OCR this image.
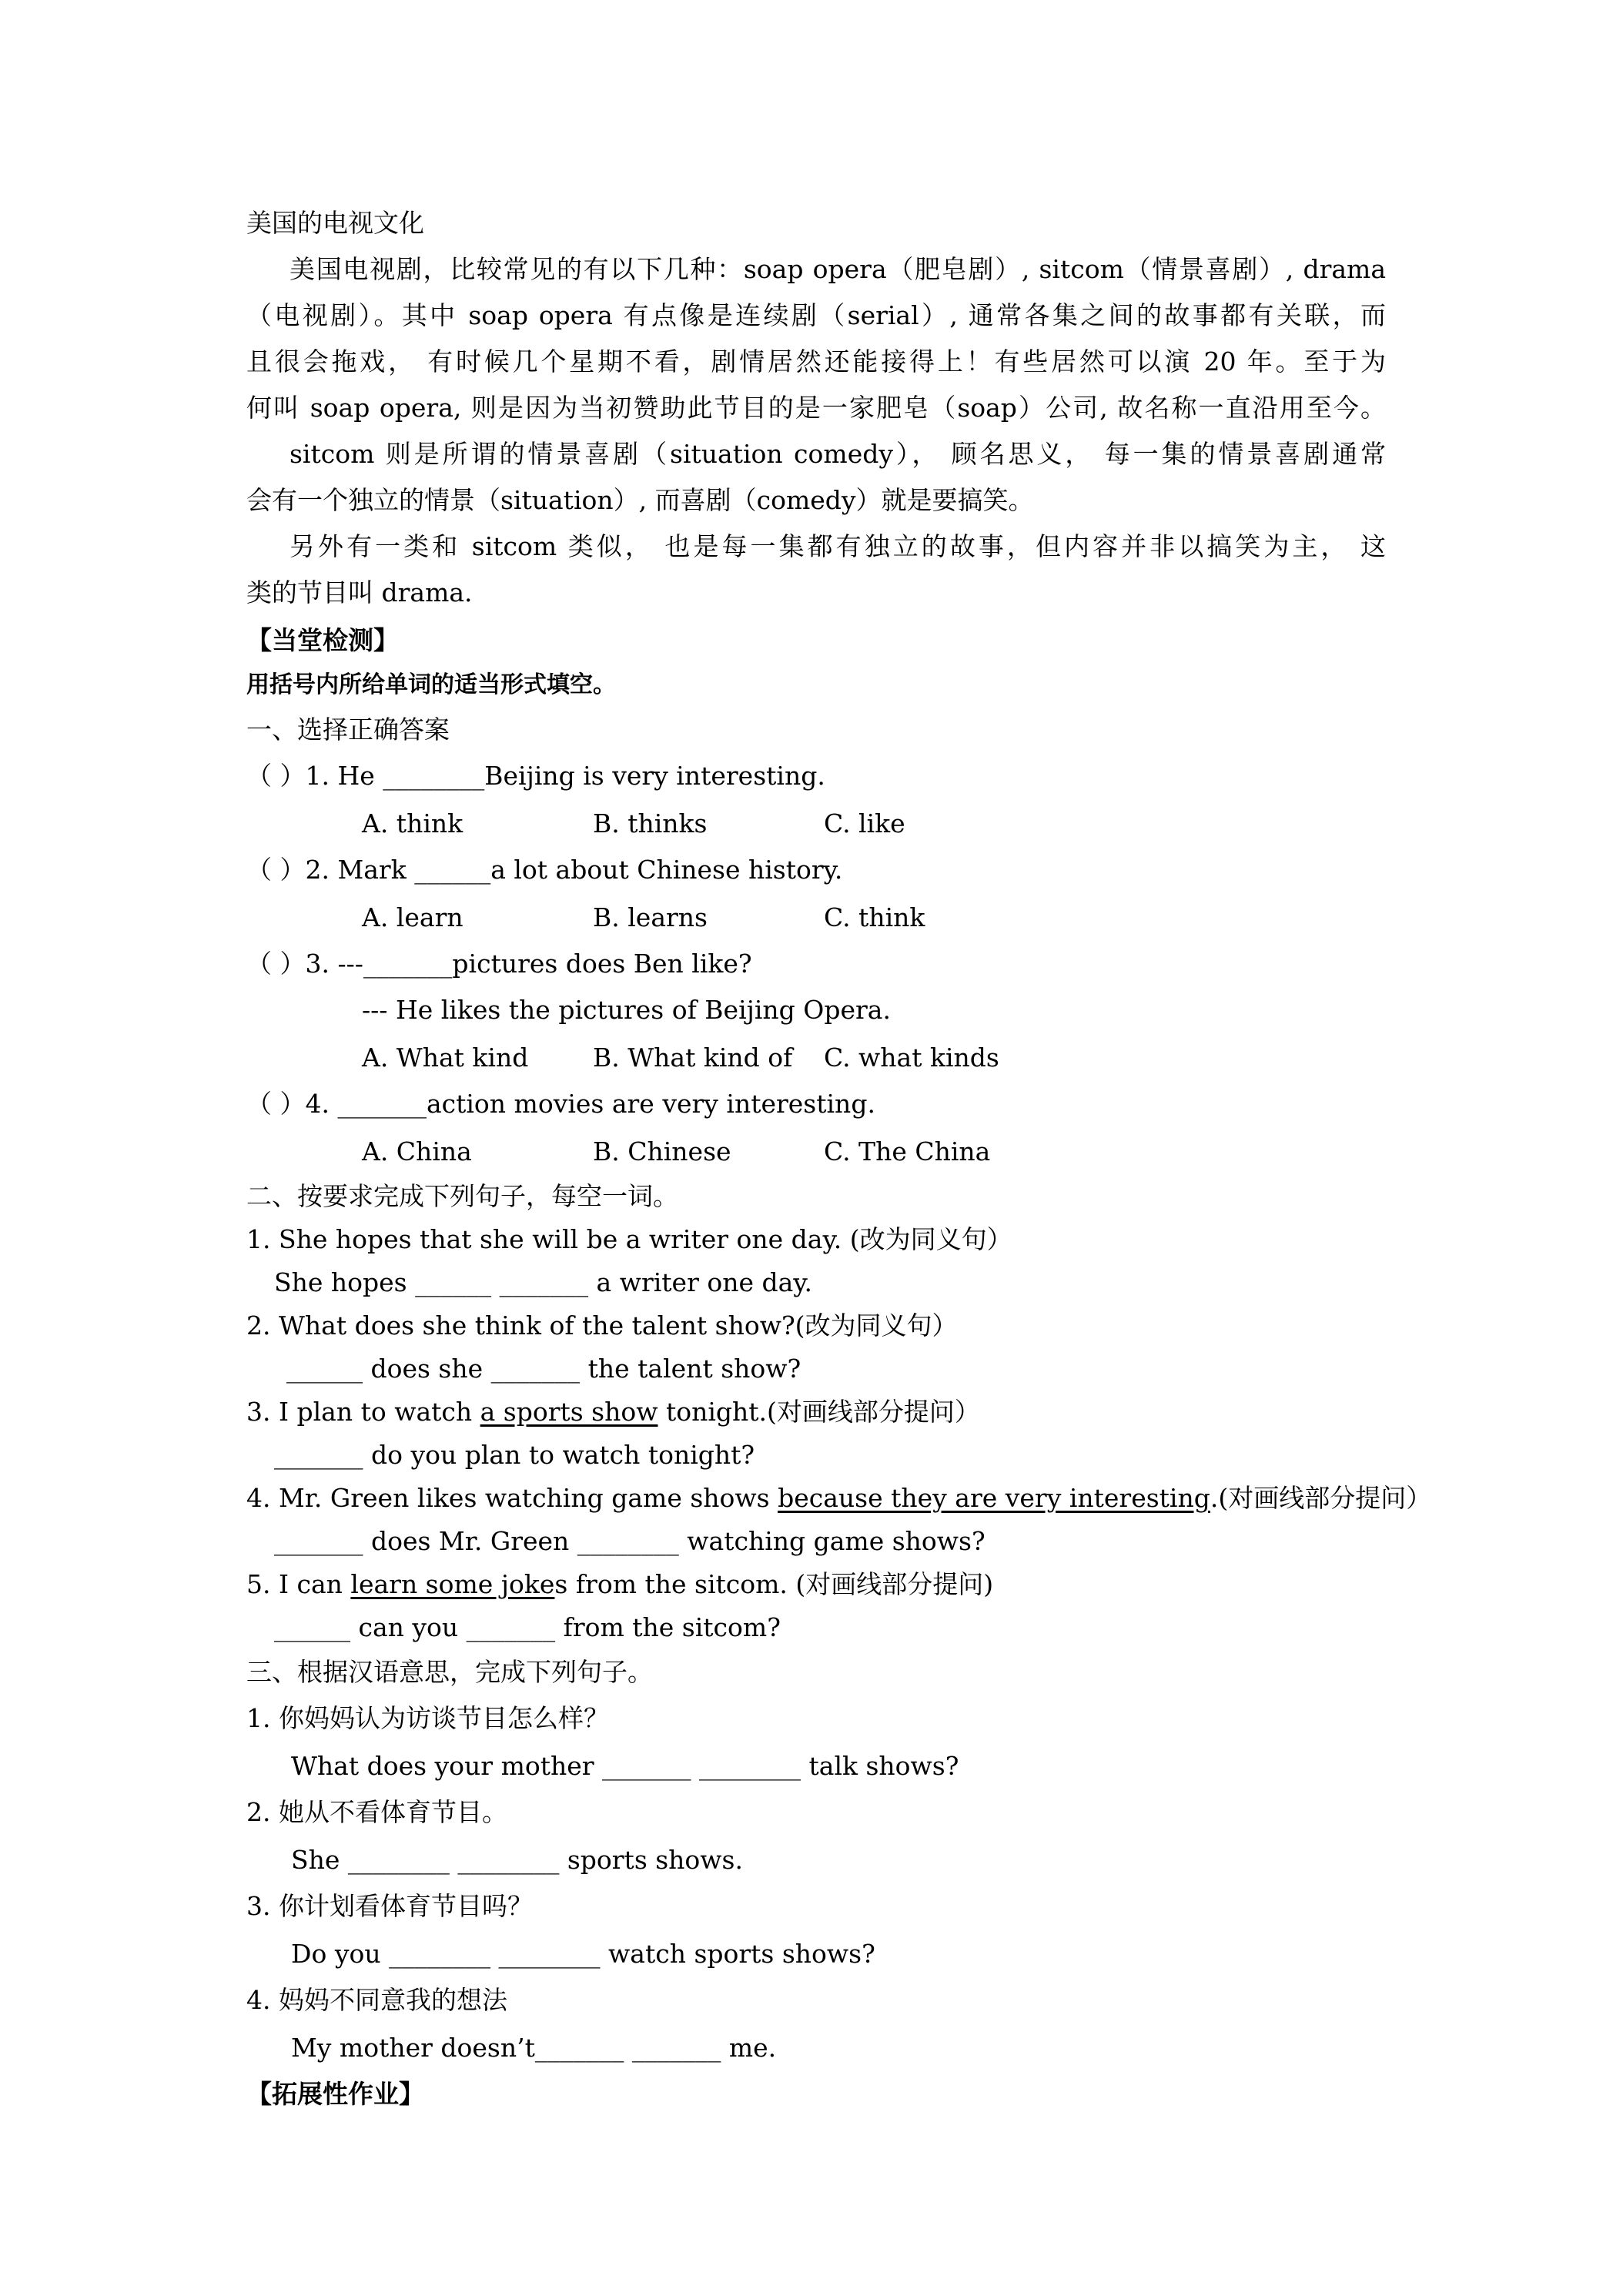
美国的电视文化
美国电视剧，比较常见的有以下几种：soap opera（肥皂剧）, sitcom（情景喜剧）, drama
（电视剧）。其中 soap opera 有点像是连续剧（serial）, 通常各集之间的故事都有关联，而
且很会拖戏， 有时候几个星期不看，剧情居然还能接得上！有些居然可以演 20 年。至于为
何叫 soap opera, 则是因为当初赞助此节目的是一家肥皂（soap）公司, 故名称一直沿用至今。
sitcom 则是所谓的情景喜剧（situation comedy）， 顾名思义， 每一集的情景喜剧通常
会有一个独立的情景（situation）, 而喜剧（comedy）就是要搞笑。
另外有一类和 sitcom 类似， 也是每一集都有独立的故事，但内容并非以搞笑为主， 这
类的节目叫 drama.
【当堂检测】
用括号内所给单词的适当形式填空。
一、选择正确答案
（ ）1. He ________Beijing is very interesting.
A. think	B. thinks	C. like
（ ）2. Mark ______a lot about Chinese history.
A. learn	B. learns	C. think
（ ）3. ---_______pictures does Ben like?
--- He likes the pictures of Beijing Opera.
A. What kind	B. What kind of C. what kinds
（ ）4. _______action movies are very interesting.
A. China	B. Chinese	C. The China
二、按要求完成下列句子，每空一词。
1. She hopes that she will be a writer one day. (改为同义句）
She hopes ______ _______ a writer one day.
2. What does she think of the talent show?(改为同义句）
______ does she _______ the talent show?
3. I plan to watch a sports show tonight.(对画线部分提问）
_______ do you plan to watch tonight?
4. Mr. Green likes watching game shows because they are very interesting.(对画线部分提问）
_______ does Mr. Green ________ watching game shows?
5. I can learn some jokes from the sitcom. (对画线部分提问)
______ can you _______ from the sitcom?
三、根据汉语意思，完成下列句子。
1. 你妈妈认为访谈节目怎么样？
What does your mother _______ ________ talk shows?
2. 她从不看体育节目。
She ________ ________ sports shows.
3. 你计划看体育节目吗？
Do you ________ ________ watch sports shows?
4. 妈妈不同意我的想法
My mother doesn’t_______ _______ me.
【拓展性作业】
